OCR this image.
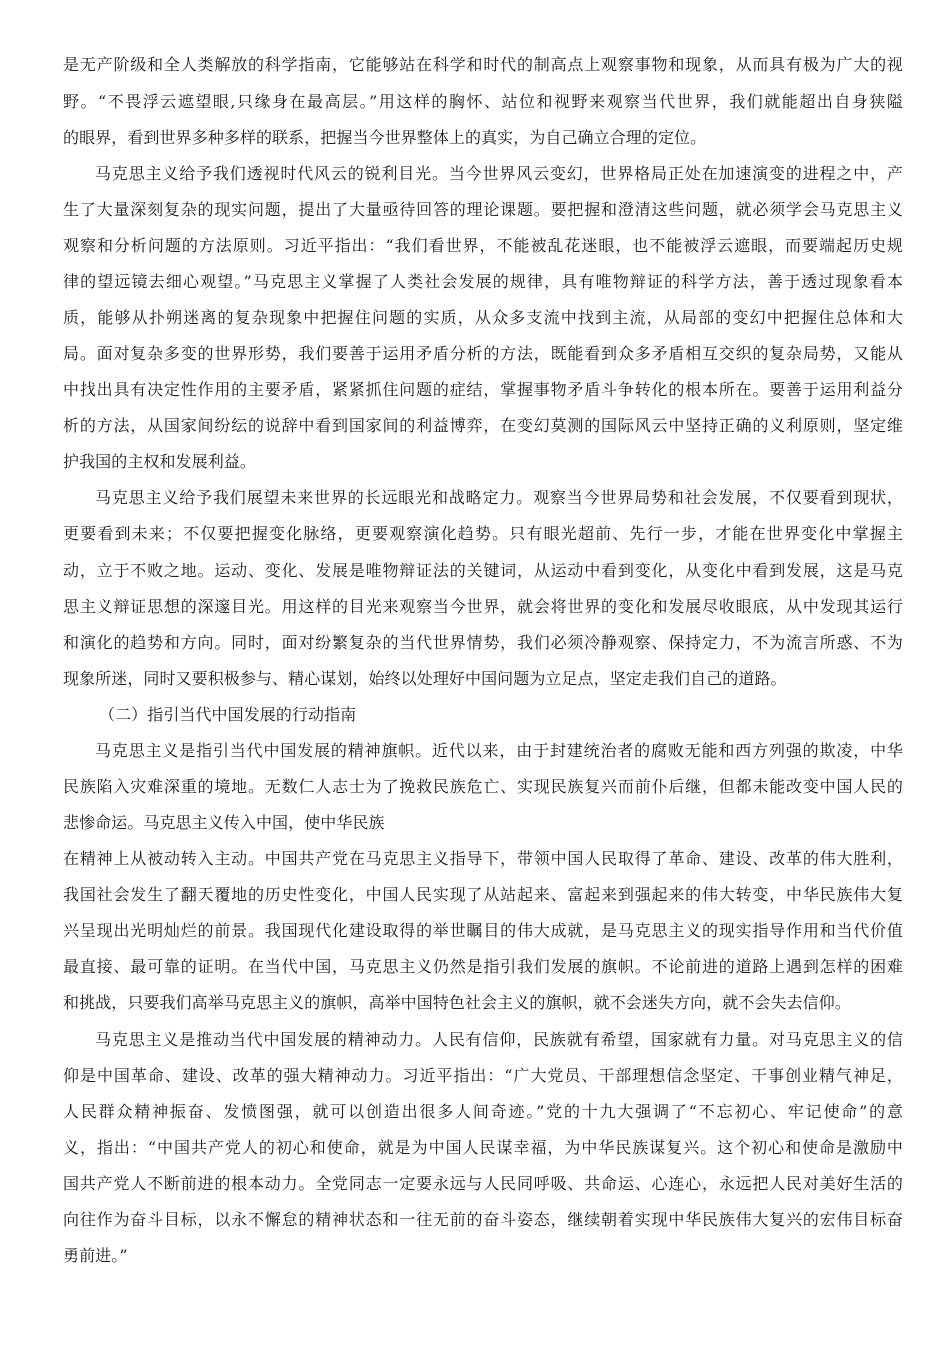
是无产阶级和全人类解放的科学指南，它能够站在科学和时代的制高点上观察事物和现象，从而具有极为广大的视
野。“不畏浮云遮望眼,只缘身在最高层。”用这样的胸怀、站位和视野来观察当代世界，我们就能超出自身狭隘
的眼界，看到世界多种多样的联系，把握当今世界整体上的真实，为自己确立合理的定位。
马克思主义给予我们透视时代风云的锐利目光。当今世界风云变幻，世界格局正处在加速演变的进程之中，产
生了大量深刻复杂的现实问题，提出了大量亟待回答的理论课题。要把握和澄清这些问题，就必须学会马克思主义
观察和分析问题的方法原则。习近平指出：“我们看世界，不能被乱花迷眼，也不能被浮云遮眼，而要端起历史规
律的望远镜去细心观望。”马克思主义掌握了人类社会发展的规律，具有唯物辩证的科学方法，善于透过现象看本
质，能够从扑朔迷离的复杂现象中把握住问题的实质，从众多支流中找到主流，从局部的变幻中把握住总体和大
局。面对复杂多变的世界形势，我们要善于运用矛盾分析的方法，既能看到众多矛盾相互交织的复杂局势，又能从
中找出具有决定性作用的主要矛盾，紧紧抓住问题的症结，掌握事物矛盾斗争转化的根本所在。要善于运用利益分
析的方法，从国家间纷纭的说辞中看到国家间的利益博弈，在变幻莫测的国际风云中坚持正确的义利原则，坚定维
护我国的主权和发展利益。
马克思主义给予我们展望未来世界的长远眼光和战略定力。观察当今世界局势和社会发展，不仅要看到现状，
更要看到未来；不仅要把握变化脉络，更要观察演化趋势。只有眼光超前、先行一步，才能在世界变化中掌握主
动，立于不败之地。运动、变化、发展是唯物辩证法的关键词，从运动中看到变化，从变化中看到发展，这是马克
思主义辩证思想的深邃目光。用这样的目光来观察当今世界，就会将世界的变化和发展尽收眼底，从中发现其运行
和演化的趋势和方向。同时，面对纷繁复杂的当代世界情势，我们必须冷静观察、保持定力，不为流言所惑、不为
现象所迷，同时又要积极参与、精心谋划，始终以处理好中国问题为立足点，坚定走我们自己的道路。
（二）指引当代中国发展的行动指南
马克思主义是指引当代中国发展的精神旗帜。近代以来，由于封建统治者的腐败无能和西方列强的欺凌，中华
民族陷入灾难深重的境地。无数仁人志士为了挽救民族危亡、实现民族复兴而前仆后继，但都未能改变中国人民的
悲惨命运。马克思主义传入中国，使中华民族
在精神上从被动转入主动。中国共产党在马克思主义指导下，带领中国人民取得了革命、建设、改革的伟大胜利，
我国社会发生了翻天覆地的历史性变化，中国人民实现了从站起来、富起来到强起来的伟大转变，中华民族伟大复
兴呈现出光明灿烂的前景。我国现代化建设取得的举世瞩目的伟大成就，是马克思主义的现实指导作用和当代价值
最直接、最可靠的证明。在当代中国，马克思主义仍然是指引我们发展的旗帜。不论前进的道路上遇到怎样的困难
和挑战，只要我们高举马克思主义的旗帜，高举中国特色社会主义的旗帜，就不会迷失方向，就不会失去信仰。
马克思主义是推动当代中国发展的精神动力。人民有信仰，民族就有希望，国家就有力量。对马克思主义的信
仰是中国革命、建设、改革的强大精神动力。习近平指出：“广大党员、干部理想信念坚定、干事创业精气神足，
人民群众精神振奋、发愤图强，就可以创造出很多人间奇迹。”党的十九大强调了“不忘初心、牢记使命”的意
义，指出：“中国共产党人的初心和使命，就是为中国人民谋幸福，为中华民族谋复兴。这个初心和使命是激励中
国共产党人不断前进的根本动力。全党同志一定要永远与人民同呼吸、共命运、心连心，永远把人民对美好生活的
向往作为奋斗目标，以永不懈怠的精神状态和一往无前的奋斗姿态，继续朝着实现中华民族伟大复兴的宏伟目标奋
勇前进。”
